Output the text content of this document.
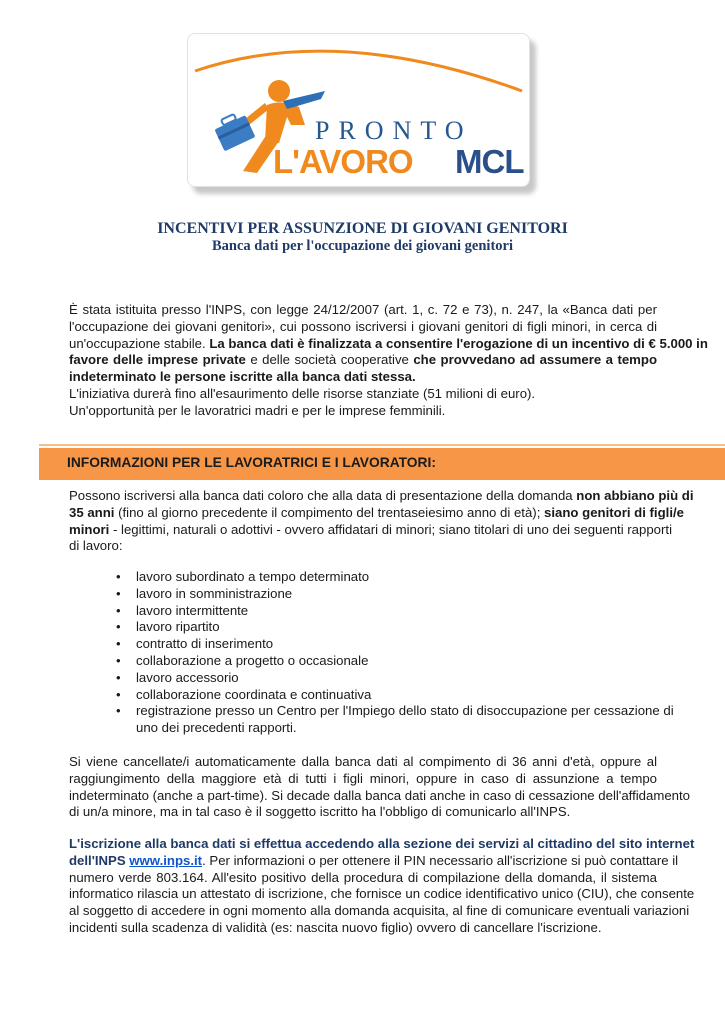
PRONTO
L'AVORO MCL
INCENTIVI PER ASSUNZIONE DI GIOVANI GENITORI
Banca dati per l'occupazione dei giovani genitori
È stata istituita presso l'INPS, con legge 24/12/2007 (art. 1, c. 72 e 73), n. 247, la «Banca dati per
l'occupazione dei giovani genitori», cui possono iscriversi i giovani genitori di figli minori, in cerca di
un'occupazione stabile. La banca dati è finalizzata a consentire l'erogazione di un incentivo di € 5.000 in
favore delle imprese private e delle società cooperative che provvedano ad assumere a tempo
indeterminato le persone iscritte alla banca dati stessa.
L'iniziativa durerà fino all'esaurimento delle risorse stanziate (51 milioni di euro).
Un'opportunità per le lavoratrici madri e per le imprese femminili.
INFORMAZIONI PER LE LAVORATRICI E I LAVORATORI:
Possono iscriversi alla banca dati coloro che alla data di presentazione della domanda non abbiano più di
35 anni (fino al giorno precedente il compimento del trentaseiesimo anno di età); siano genitori di figli/e
minori - legittimi, naturali o adottivi - ovvero affidatari di minori; siano titolari di uno dei seguenti rapporti
di lavoro:
• lavoro subordinato a tempo determinato
• lavoro in somministrazione
• lavoro intermittente
• lavoro ripartito
• contratto di inserimento
• collaborazione a progetto o occasionale
• lavoro accessorio
• collaborazione coordinata e continuativa
• registrazione presso un Centro per l'Impiego dello stato di disoccupazione per cessazione di
uno dei precedenti rapporti.
Si viene cancellate/i automaticamente dalla banca dati al compimento di 36 anni d'età, oppure al
raggiungimento della maggiore età di tutti i figli minori, oppure in caso di assunzione a tempo
indeterminato (anche a part-time). Si decade dalla banca dati anche in caso di cessazione dell'affidamento
di un/a minore, ma in tal caso è il soggetto iscritto ha l'obbligo di comunicarlo all'INPS.
L'iscrizione alla banca dati si effettua accedendo alla sezione dei servizi al cittadino del sito internet
dell'INPS www.inps.it. Per informazioni o per ottenere il PIN necessario all'iscrizione si può contattare il
numero verde 803.164. All'esito positivo della procedura di compilazione della domanda, il sistema
informatico rilascia un attestato di iscrizione, che fornisce un codice identificativo unico (CIU), che consente
al soggetto di accedere in ogni momento alla domanda acquisita, al fine di comunicare eventuali variazioni
incidenti sulla scadenza di validità (es: nascita nuovo figlio) ovvero di cancellare l'iscrizione.
